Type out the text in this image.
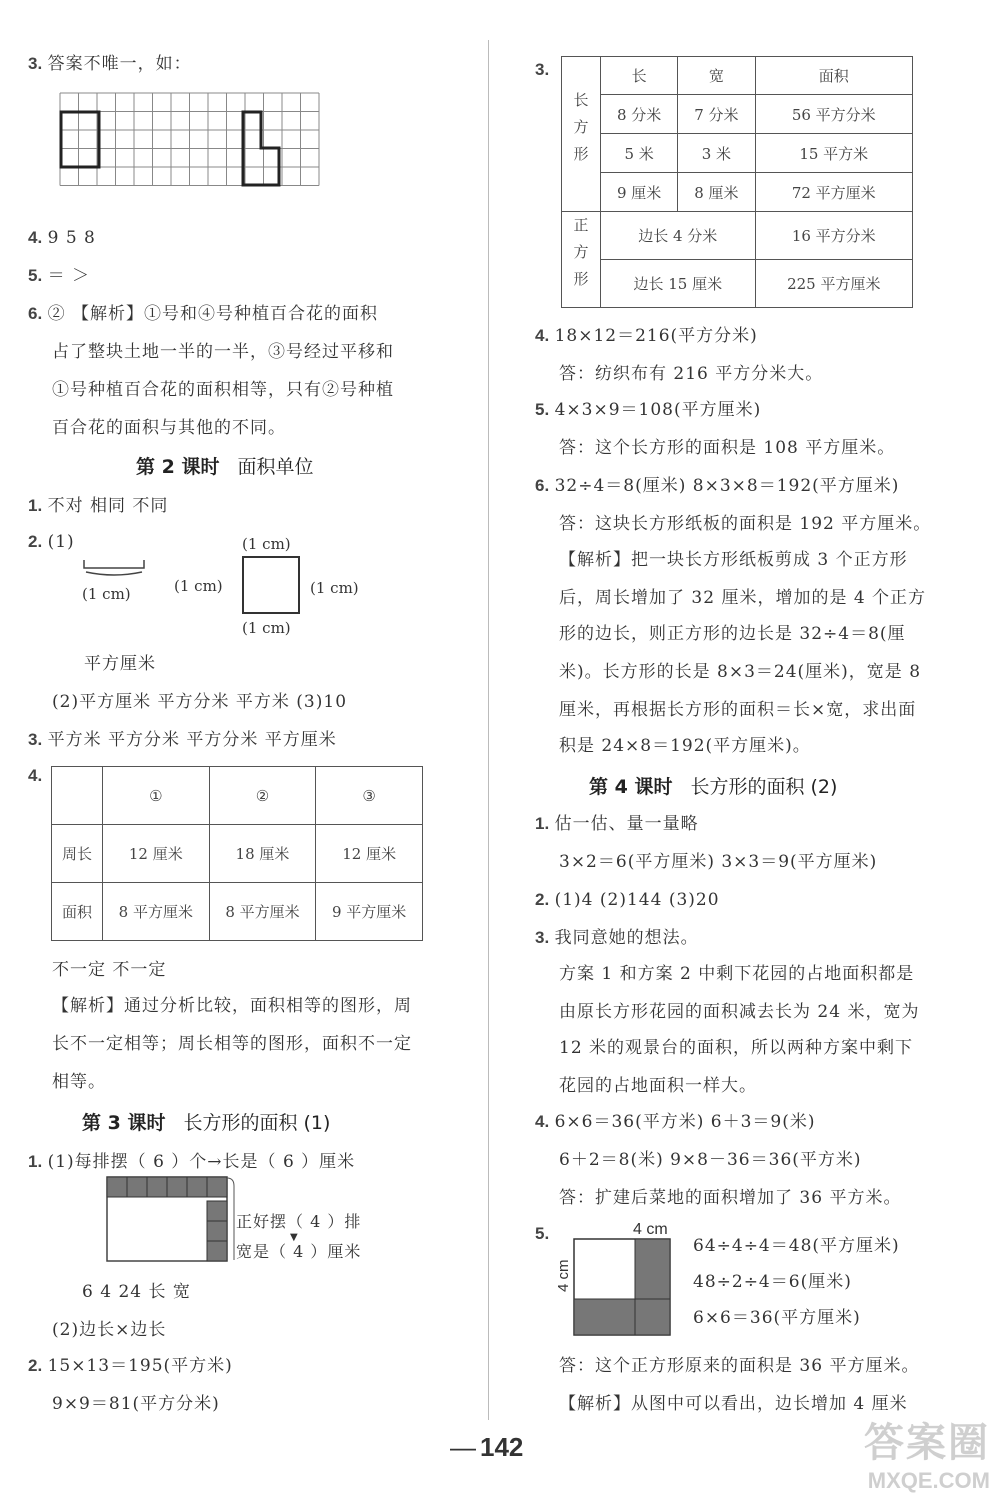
3. 答案不唯一，如：
4. 9 5 8
5. ＝ ＞
6. ② 【解析】①号和④号种植百合花的面积
占了整块土地一半的一半，③号经过平移和
①号种植百合花的面积相等，只有②号种植
百合花的面积与其他的不同。
第 2 课时 面积单位
1. 不对 相同 不同
2. (1)
(1 cm)	(1 cm)
(1 cm)
(1 cm)
(1 cm)
平方厘米
(2)平方厘米 平方分米 平方米 (3)10
3. 平方米 平方分米 平方分米 平方厘米
4.
	①	②	③
周长	12 厘米	18 厘米	12 厘米
面积	8 平方厘米	8 平方厘米	9 平方厘米
不一定 不一定
【解析】通过分析比较，面积相等的图形，周
长不一定相等；周长相等的图形，面积不一定
相等。
第 3 课时 长方形的面积 (1)
1. (1)每排摆（ 6 ）个→长是（ 6 ）厘米
正好摆（ 4 ）排
▼
宽是（ 4 ）厘米
6 4 24 长 宽
(2)边长×边长
2. 15×13＝195(平方米)
9×9＝81(平方分米)
3.
长方形	长	宽	面积
	8 分米	7 分米	56 平方分米
	5 米	3 米	15 平方米
	9 厘米	8 厘米	72 平方厘米
正方形	边长 4 分米		16 平方分米
	边长 15 厘米		225 平方厘米
4. 18×12＝216(平方分米)
答：纺织布有 216 平方分米大。
5. 4×3×9＝108(平方厘米)
答：这个长方形的面积是 108 平方厘米。
6. 32÷4＝8(厘米) 8×3×8＝192(平方厘米)
答：这块长方形纸板的面积是 192 平方厘米。
【解析】把一块长方形纸板剪成 3 个正方形
后，周长增加了 32 厘米，增加的是 4 个正方
形的边长，则正方形的边长是 32÷4＝8(厘
米)。长方形的长是 8×3＝24(厘米)，宽是 8
厘米，再根据长方形的面积＝长×宽，求出面
积是 24×8＝192(平方厘米)。
第 4 课时 长方形的面积 (2)
1. 估一估、量一量略
3×2＝6(平方厘米) 3×3＝9(平方厘米)
2. (1)4 (2)144 (3)20
3. 我同意她的想法。
方案 1 和方案 2 中剩下花园的占地面积都是
由原长方形花园的面积减去长为 24 米，宽为
12 米的观景台的面积，所以两种方案中剩下
花园的占地面积一样大。
4. 6×6＝36(平方米) 6＋3＝9(米)
6＋2＝8(米) 9×8－36＝36(平方米)
答：扩建后菜地的面积增加了 36 平方米。
5.	4 cm
4 cm
64÷4÷4＝48(平方厘米)
48÷2÷4＝6(厘米)
6×6＝36(平方厘米)
答：这个正方形原来的面积是 36 平方厘米。
【解析】从图中可以看出，边长增加 4 厘米
— 142	答案圈
MXQE.COM
